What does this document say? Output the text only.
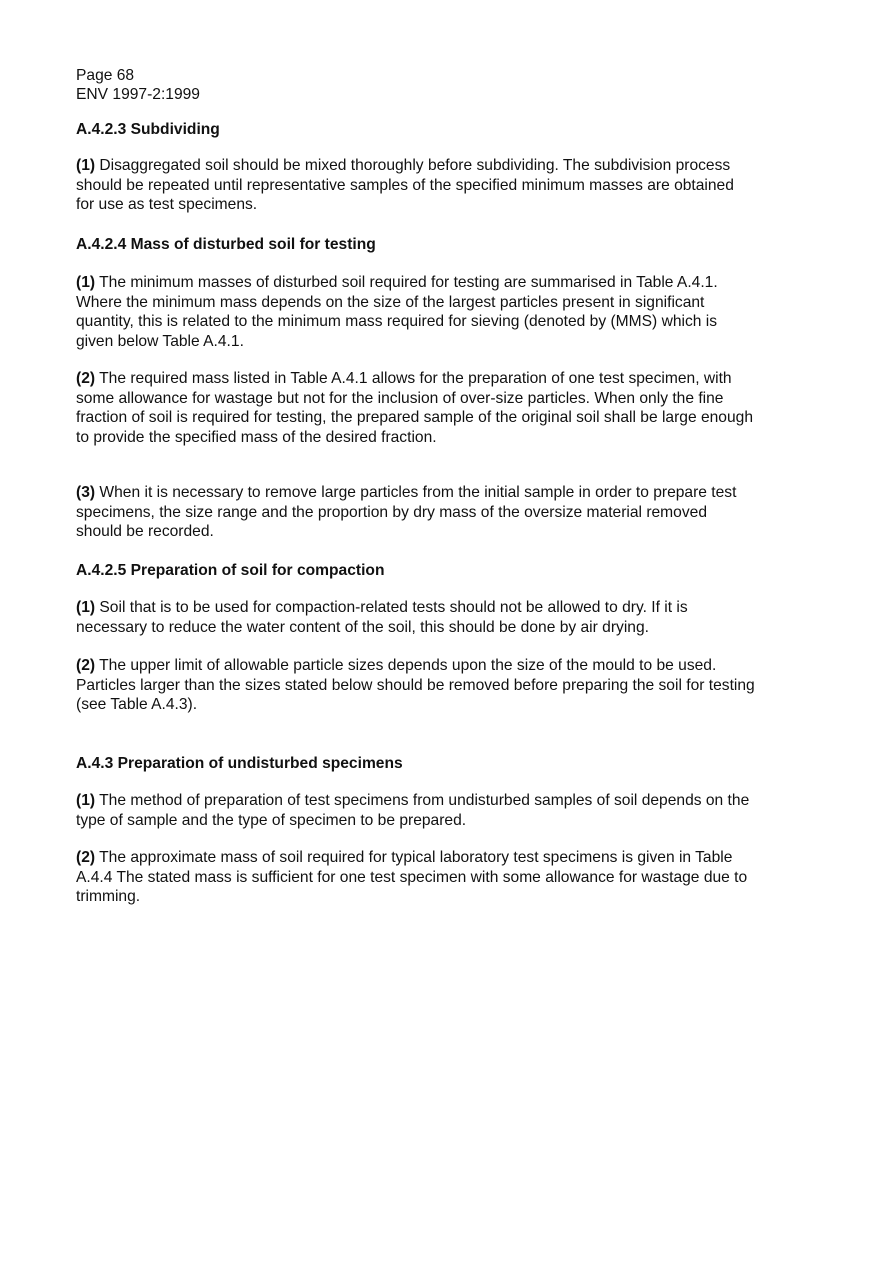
Page 68

ENV 1997-2:1999

A.4.2.3 Subdividing

(1) Disaggregated soil should be mixed thoroughly before subdividing. The subdivision process should be repeated until representative samples of the specified minimum masses are obtained for use as test specimens.

A.4.2.4 Mass of disturbed soil for testing

(1) The minimum masses of disturbed soil required for testing are summarised in Table A.4.1. Where the minimum mass depends on the size of the largest particles present in significant quantity, this is related to the minimum mass required for sieving (denoted by (MMS) which is given below Table A.4.1.

(2) The required mass listed in Table A.4.1 allows for the preparation of one test specimen, with some allowance for wastage but not for the inclusion of over-size particles. When only the fine fraction of soil is required for testing, the prepared sample of the original soil shall be large enough to provide the specified mass of the desired fraction.

(3) When it is necessary to remove large particles from the initial sample in order to prepare test specimens, the size range and the proportion by dry mass of the oversize material removed should be recorded.

A.4.2.5 Preparation of soil for compaction

(1) Soil that is to be used for compaction-related tests should not be allowed to dry. If it is necessary to reduce the water content of the soil, this should be done by air drying.

(2) The upper limit of allowable particle sizes depends upon the size of the mould to be used. Particles larger than the sizes stated below should be removed before preparing the soil for testing (see Table A.4.3).

A.4.3 Preparation of undisturbed specimens

(1) The method of preparation of test specimens from undisturbed samples of soil depends on the type of sample and the type of specimen to be prepared.

(2) The approximate mass of soil required for typical laboratory test specimens is given in Table A.4.4 The stated mass is sufficient for one test specimen with some allowance for wastage due to trimming.
